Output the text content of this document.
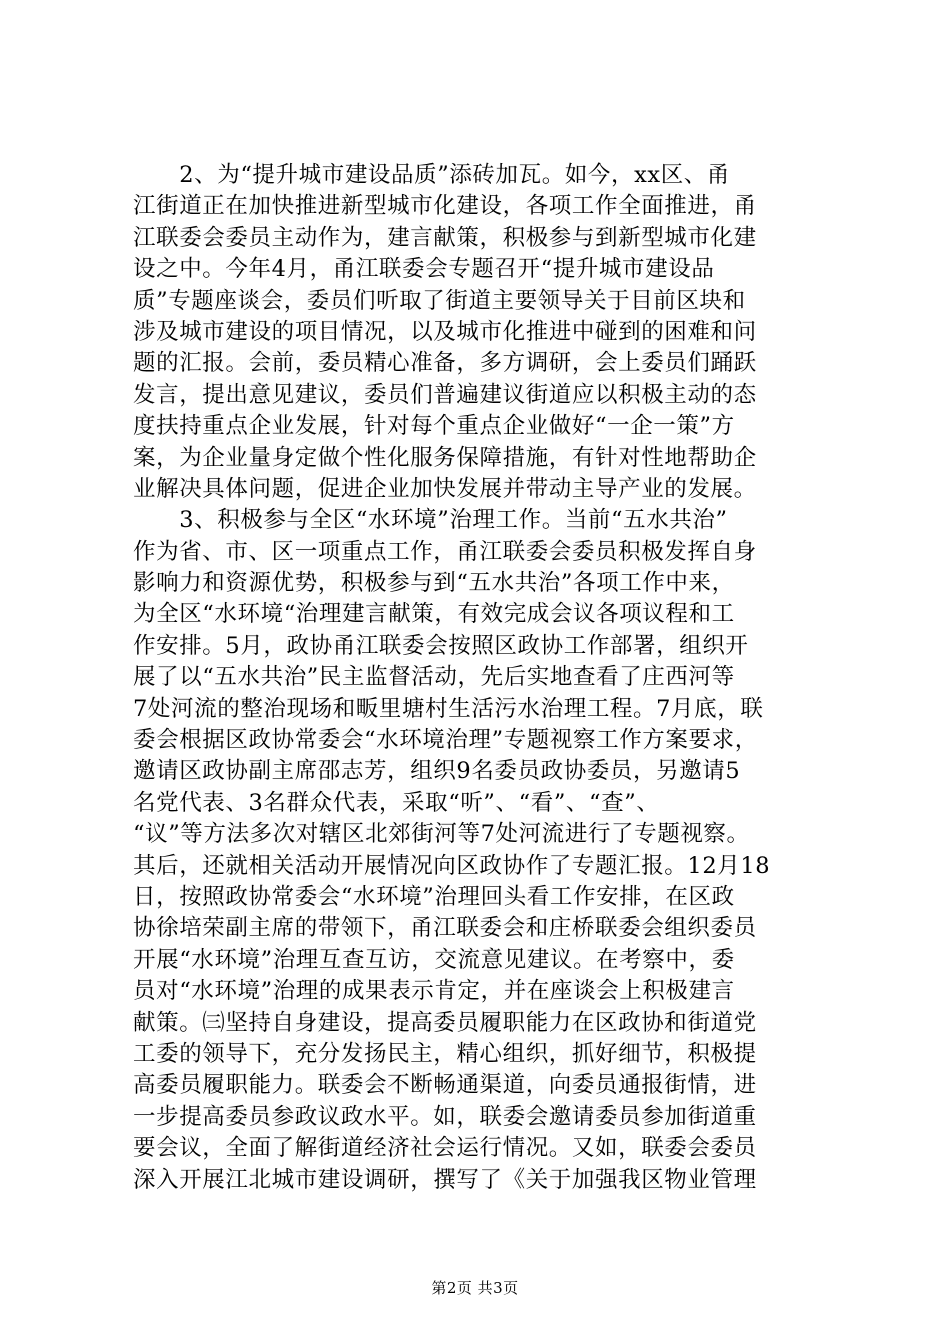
　　2、为“提升城市建设品质”添砖加瓦。如今，xx区、甬
江街道正在加快推进新型城市化建设，各项工作全面推进，甬
江联委会委员主动作为，建言献策，积极参与到新型城市化建
设之中。今年4月，甬江联委会专题召开“提升城市建设品
质”专题座谈会，委员们听取了街道主要领导关于目前区块和
涉及城市建设的项目情况，以及城市化推进中碰到的困难和问
题的汇报。会前，委员精心准备，多方调研，会上委员们踊跃
发言，提出意见建议，委员们普遍建议街道应以积极主动的态
度扶持重点企业发展，针对每个重点企业做好“一企一策”方
案，为企业量身定做个性化服务保障措施，有针对性地帮助企
业解决具体问题，促进企业加快发展并带动主导产业的发展。
　　3、积极参与全区“水环境”治理工作。当前“五水共治”
作为省、市、区一项重点工作，甬江联委会委员积极发挥自身
影响力和资源优势，积极参与到“五水共治”各项工作中来，
为全区“水环境“治理建言献策，有效完成会议各项议程和工
作安排。5月，政协甬江联委会按照区政协工作部署，组织开
展了以“五水共治”民主监督活动，先后实地查看了庄西河等
7处河流的整治现场和畈里塘村生活污水治理工程。7月底，联
委会根据区政协常委会“水环境治理”专题视察工作方案要求，
邀请区政协副主席邵志芳，组织9名委员政协委员，另邀请5
名党代表、3名群众代表，采取“听”、“看”、“查”、
“议”等方法多次对辖区北郊街河等7处河流进行了专题视察。
其后，还就相关活动开展情况向区政协作了专题汇报。12月18
日，按照政协常委会“水环境”治理回头看工作安排，在区政
协徐培荣副主席的带领下，甬江联委会和庄桥联委会组织委员
开展“水环境”治理互查互访，交流意见建议。在考察中，委
员对“水环境”治理的成果表示肯定，并在座谈会上积极建言
献策。㈢坚持自身建设，提高委员履职能力在区政协和街道党
工委的领导下，充分发扬民主，精心组织，抓好细节，积极提
高委员履职能力。联委会不断畅通渠道，向委员通报街情，进
一步提高委员参政议政水平。如，联委会邀请委员参加街道重
要会议，全面了解街道经济社会运行情况。又如，联委会委员
深入开展江北城市建设调研，撰写了《关于加强我区物业管理
第2页 共3页
